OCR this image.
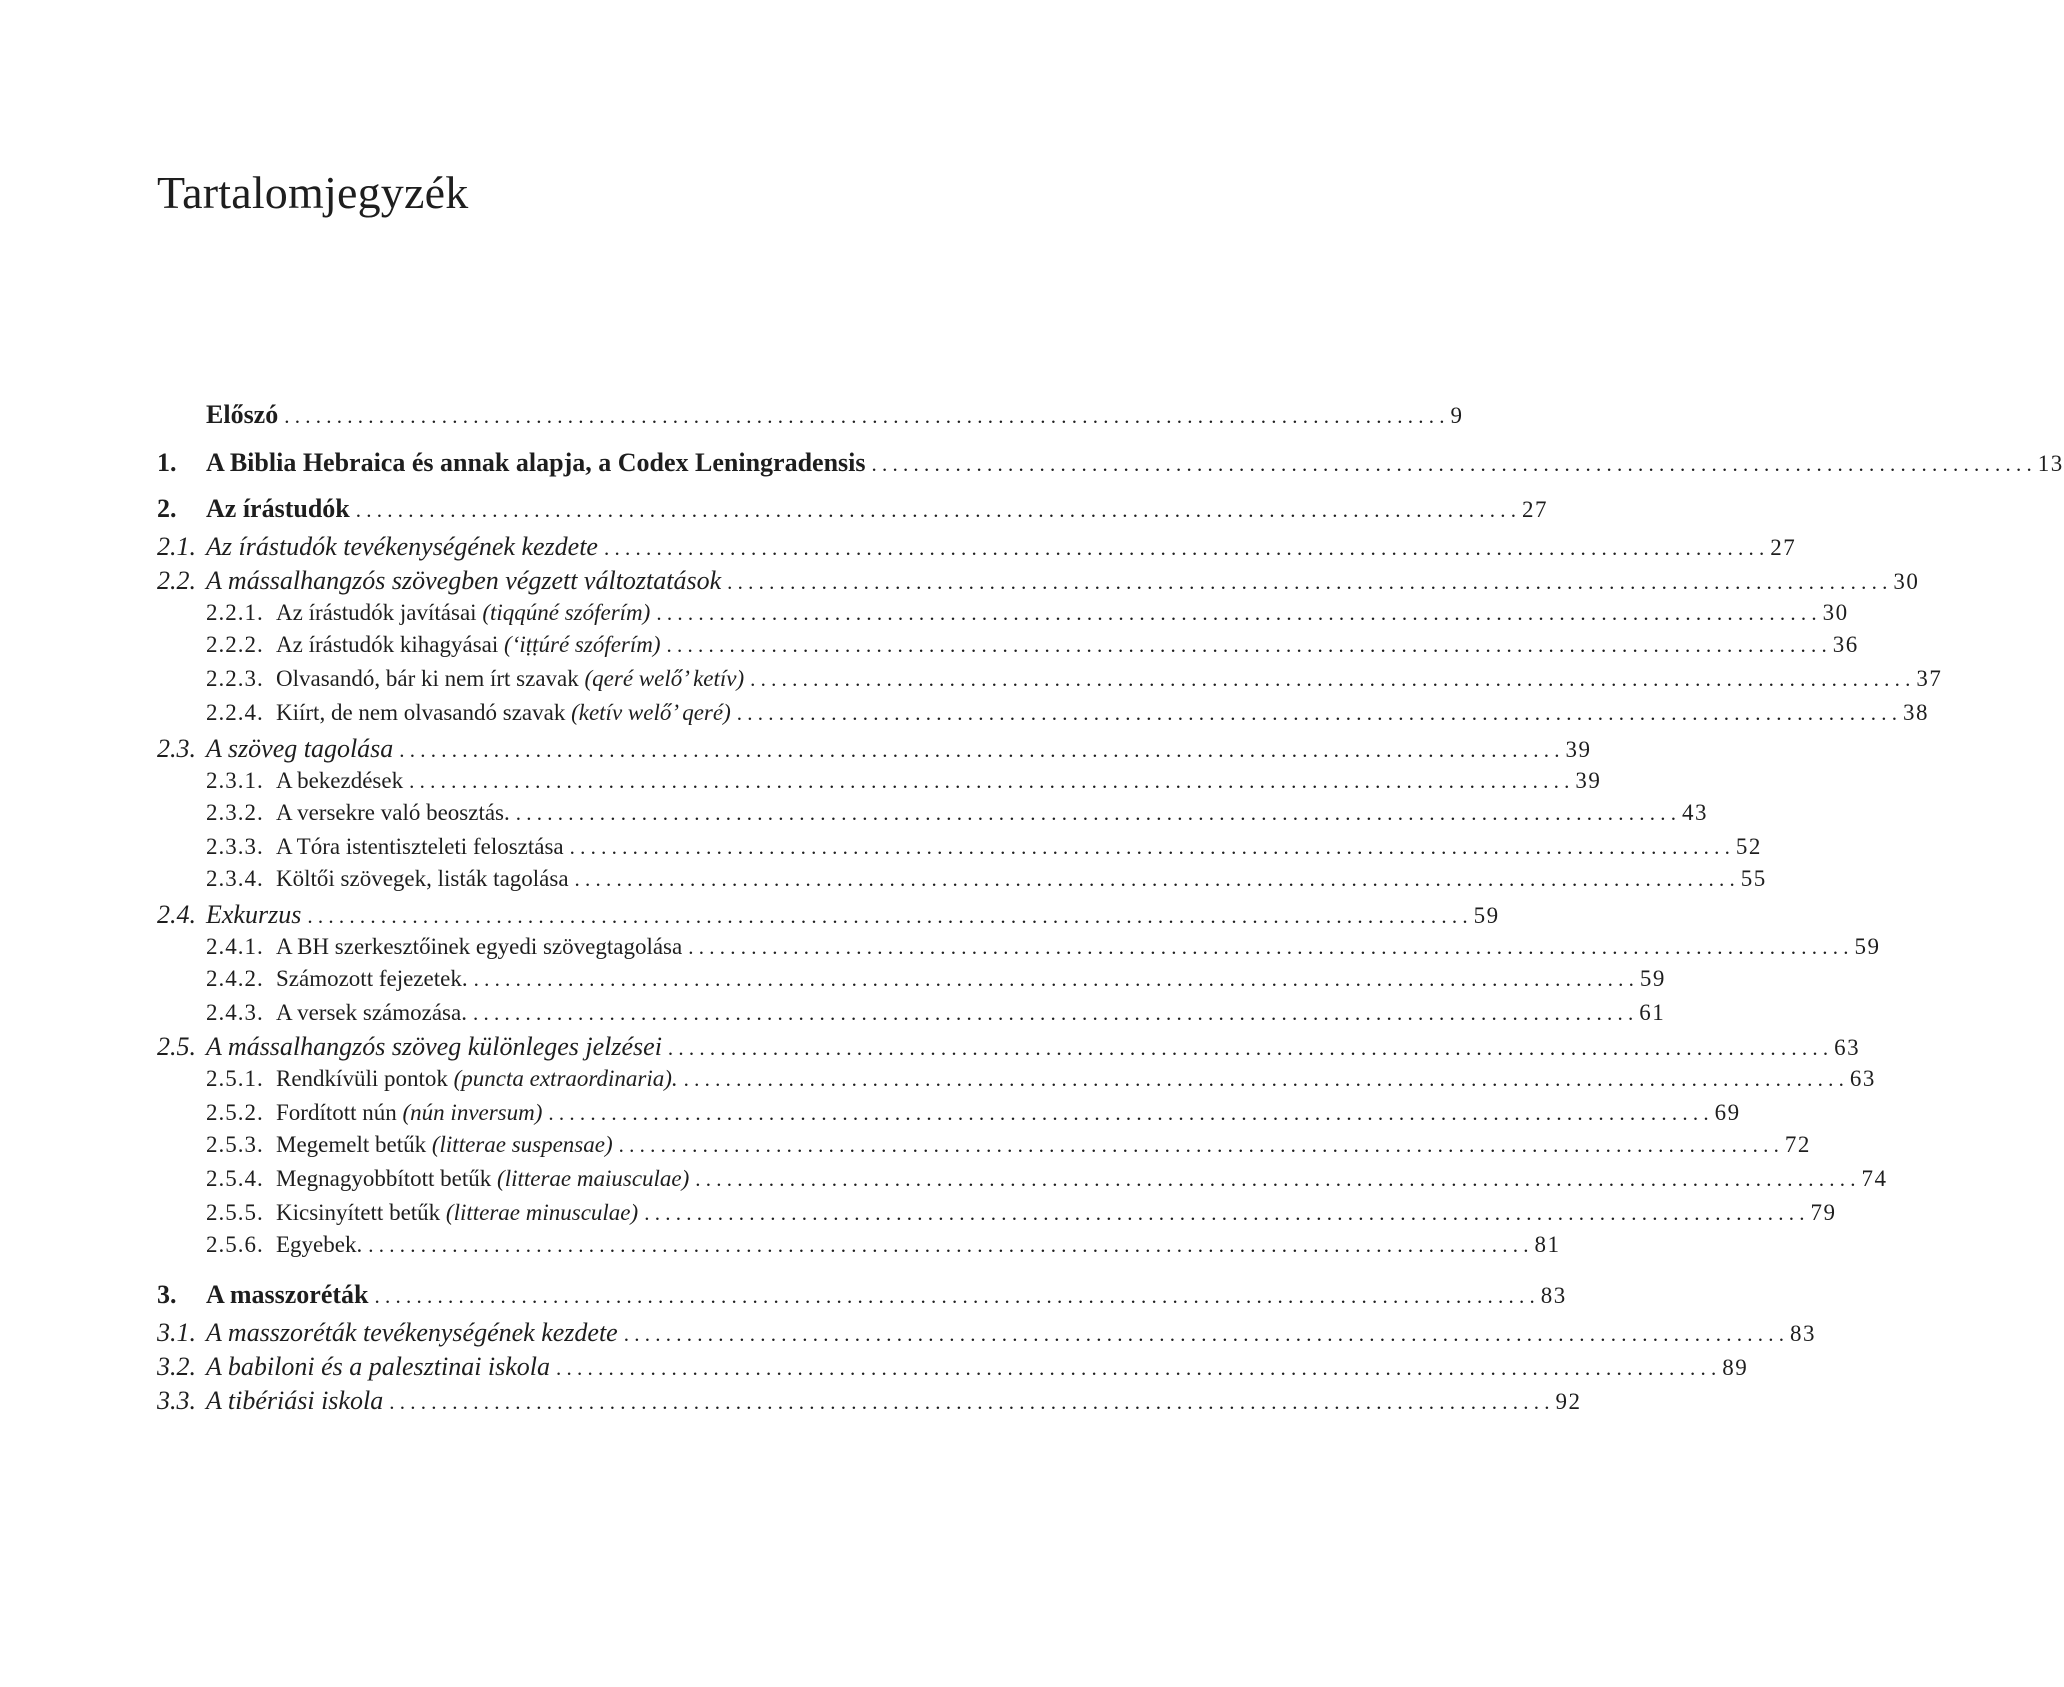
Tartalomjegyzék
Előszó . . .	9
1.	A Biblia Hebraica és annak alapja, a Codex Leningradensis . . .	13
2.	Az írástudók . . .	27
2.1. Az írástudók tevékenységének kezdete . . .	27
2.2. A mássalhangzós szövegben végzett változtatások . . .	30
2.2.1. Az írástudók javításai (tiqqúné szóferím) . . .	30
2.2.2. Az írástudók kihagyásai (‘iṭṭúré szóferím) . . .	36
2.2.3. Olvasandó, bár ki nem írt szavak (qeré welő’ ketív) . . .	37
2.2.4. Kiírt, de nem olvasandó szavak (ketív welő’ qeré) . . .	38
2.3. A szöveg tagolása . . .	39
2.3.1. A bekezdések . . .	39
2.3.2. A versekre való beosztás. . . .	43
2.3.3. A Tóra istentiszteleti felosztása . . .	52
2.3.4. Költői szövegek, listák tagolása . . .	55
2.4. Exkurzus . . .	59
2.4.1. A BH szerkesztőinek egyedi szövegtagolása . . .	59
2.4.2. Számozott fejezetek. . . .	59
2.4.3. A versek számozása. . . .	61
2.5. A mássalhangzós szöveg különleges jelzései . . .	63
2.5.1. Rendkívüli pontok (puncta extraordinaria). . . .	63
2.5.2. Fordított nún (nún inversum) . . .	69
2.5.3. Megemelt betűk (litterae suspensae) . . .	72
2.5.4. Megnagyobbított betűk (litterae maiusculae) . . .	74
2.5.5. Kicsinyített betűk (litterae minusculae) . . .	79
2.5.6. Egyebek. . . .	81
3.	A masszoréták . . .	83
3.1. A masszoréták tevékenységének kezdete . . .	83
3.2. A babiloni és a palesztinai iskola . . .	89
3.3. A tibériási iskola . . .	92
